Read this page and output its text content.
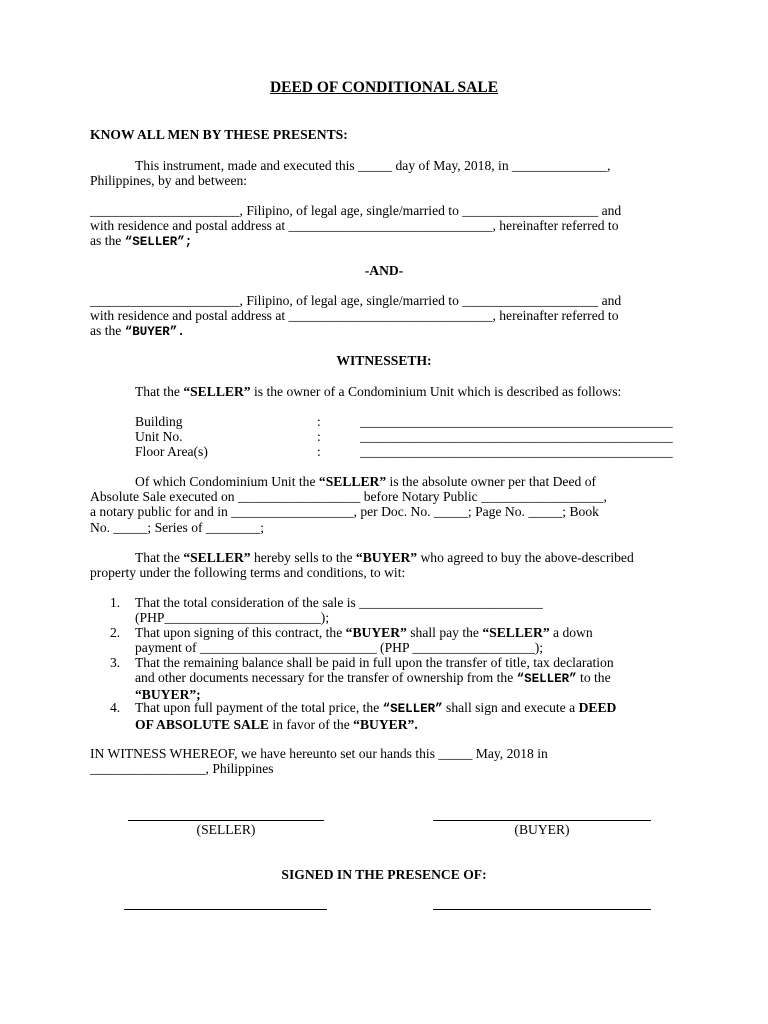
DEED OF CONDITIONAL SALE
KNOW ALL MEN BY THESE PRESENTS:
This instrument, made and executed this _____ day of May, 2018, in ______________,
Philippines, by and between:
______________________, Filipino, of legal age, single/married to ____________________ and
with residence and postal address at ______________________________, hereinafter referred to
as the “SELLER”;
-AND-
______________________, Filipino, of legal age, single/married to ____________________ and
with residence and postal address at ______________________________, hereinafter referred to
as the “BUYER”.
WITNESSETH:
That the “SELLER” is the owner of a Condominium Unit which is described as follows:
Building	:	______________________________________________
Unit No.	:	______________________________________________
Floor Area(s)	:	______________________________________________
Of which Condominium Unit the “SELLER” is the absolute owner per that Deed of
Absolute Sale executed on __________________ before Notary Public __________________,
a notary public for and in __________________, per Doc. No. _____; Page No. _____; Book
No. _____; Series of ________;
That the “SELLER” hereby sells to the “BUYER” who agreed to buy the above-described
property under the following terms and conditions, to wit:
1. That the total consideration of the sale is ___________________________
(PHP_______________________);
2. That upon signing of this contract, the “BUYER” shall pay the “SELLER” a down
payment of __________________________ (PHP __________________);
3. That the remaining balance shall be paid in full upon the transfer of title, tax declaration
and other documents necessary for the transfer of ownership from the “SELLER” to the
“BUYER”;
4. That upon full payment of the total price, the “SELLER” shall sign and execute a DEED
OF ABSOLUTE SALE in favor of the “BUYER”.
IN WITNESS WHEREOF, we have hereunto set our hands this _____ May, 2018 in
_________________, Philippines
(SELLER)	(BUYER)
SIGNED IN THE PRESENCE OF:
